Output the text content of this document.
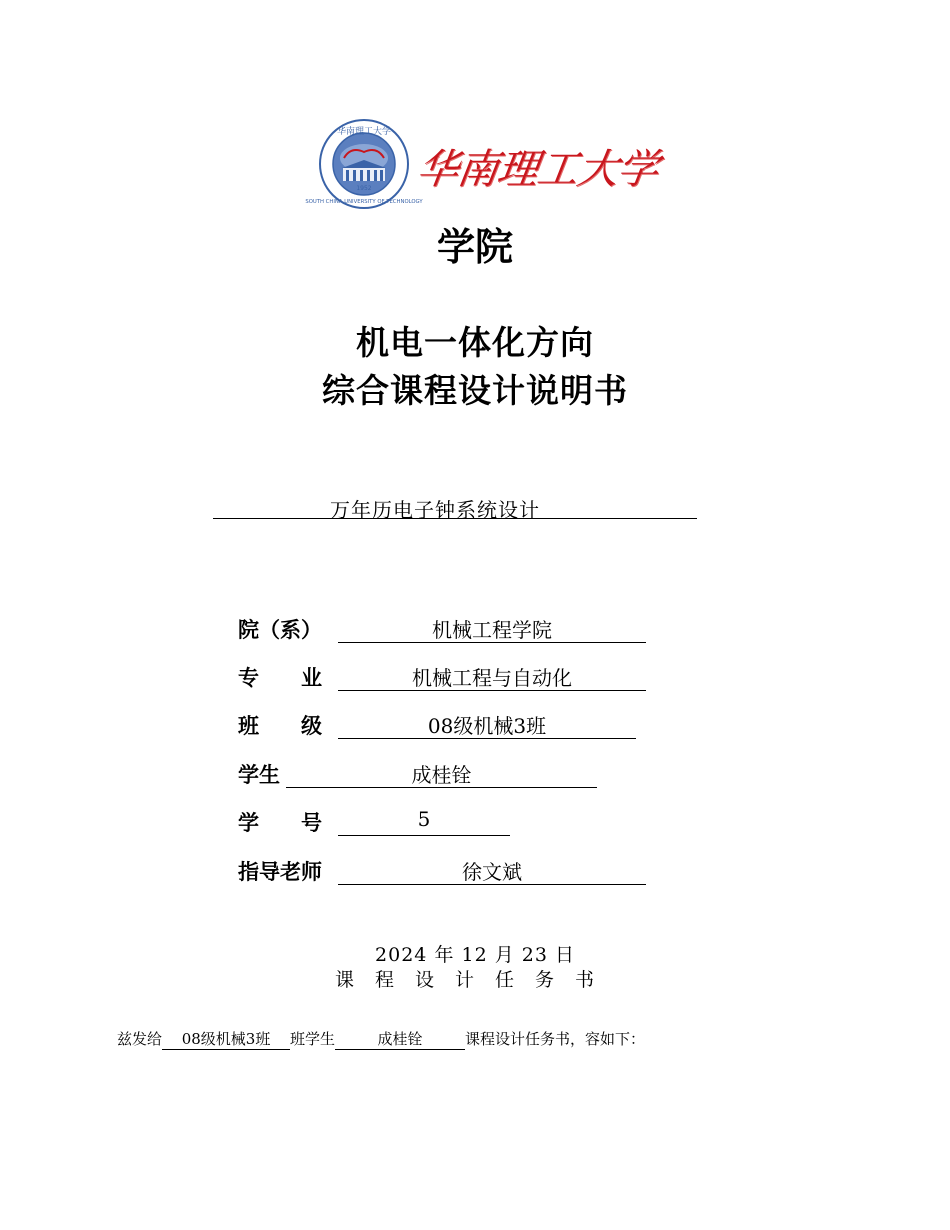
华南理工大学
1952
SOUTH CHINA UNIVERSITY OF TECHNOLOGY
华南理工大学
学院
机电一体化方向
综合课程设计说明书
万年历电子钟系统设计
院（系）	机械工程学院
专　　业	机械工程与自动化
班　　级	08级机械3班
学生	成桂铨
学　　号	5
指导老师	徐文斌
2024 年 12 月 23 日
课程设计任务书
兹发给 08级机械3班 班学生	成桂铨	课程设计任务书，容如下：
